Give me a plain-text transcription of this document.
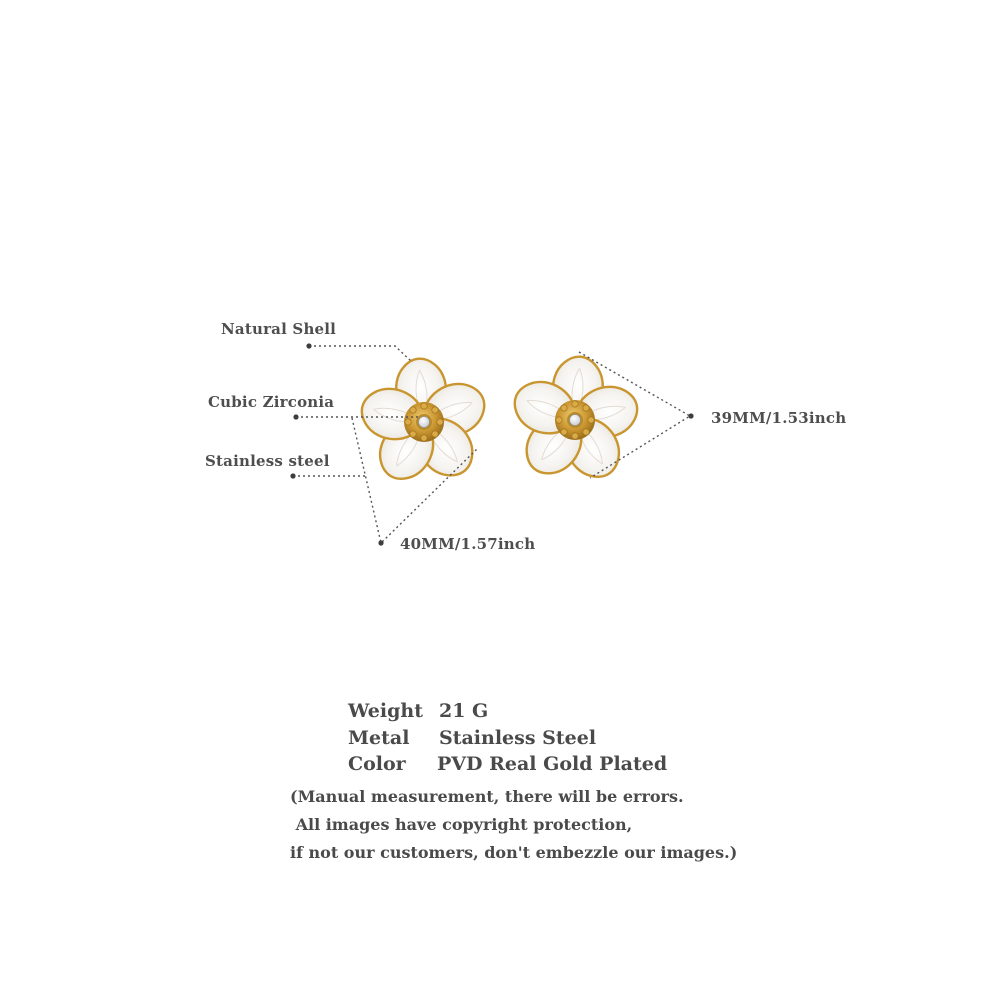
Natural Shell
Cubic Zirconia
Stainless steel
39MM/1.53inch
40MM/1.57inch
Weight 21 G
Metal Stainless Steel
Color PVD Real Gold Plated
(Manual measurement, there will be errors.
All images have copyright protection,
if not our customers, don't embezzle our images.)
